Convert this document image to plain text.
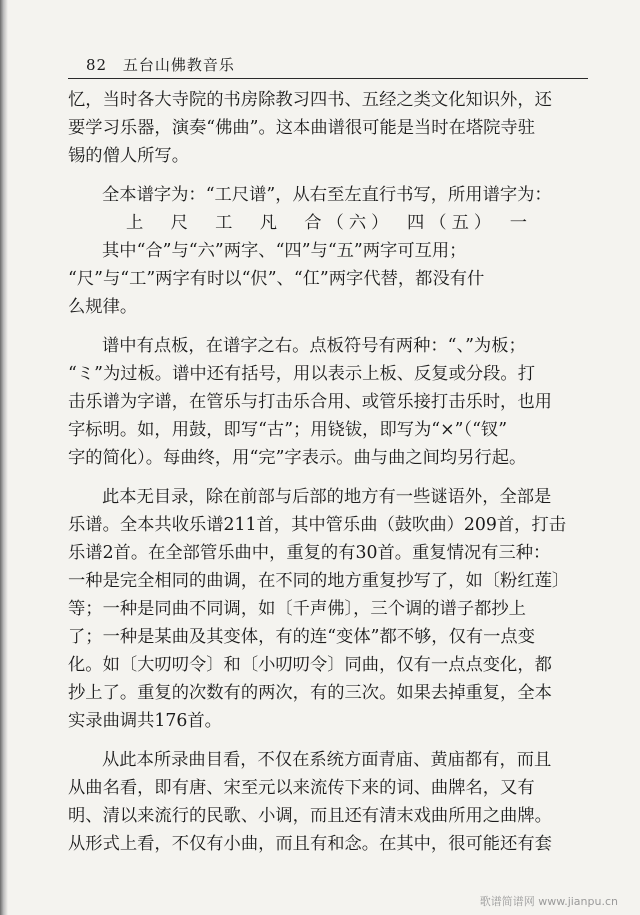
82 五台山佛教音乐
忆，当时各大寺院的书房除教习四书、五经之类文化知识外，还
要学习乐器，演奏“佛曲”。这本曲谱很可能是当时在塔院寺驻
锡的僧人所写。
全本谱字为：“工尺谱”，从右至左直行书写，所用谱字为：
上　尺　工　凡　合（六）　四（五）　一
其中“合”与“六”两字、“四”与“五”两字可互用；
“尺”与“工”两字有时以“伬”、“仜”两字代替，都没有什
么规律。
谱中有点板，在谱字之右。点板符号有两种：“、”为板；
“ミ”为过板。谱中还有括号，用以表示上板、反复或分段。打
击乐谱为字谱，在管乐与打击乐合用、或管乐接打击乐时，也用
字标明。如，用鼓，即写“古”；用铙钹，即写为“×”（“钗”
字的简化）。每曲终，用“完”字表示。曲与曲之间均另行起。
此本无目录，除在前部与后部的地方有一些谜语外，全部是
乐谱。全本共收乐谱211首，其中管乐曲（鼓吹曲）209首，打击
乐谱2首。在全部管乐曲中，重复的有30首。重复情况有三种：
一种是完全相同的曲调，在不同的地方重复抄写了，如〔粉红莲〕
等；一种是同曲不同调，如〔千声佛〕，三个调的谱子都抄上
了；一种是某曲及其变体，有的连“变体”都不够，仅有一点变
化。如〔大叨叨令〕和〔小叨叨令〕同曲，仅有一点点变化，都
抄上了。重复的次数有的两次，有的三次。如果去掉重复，全本
实录曲调共176首。
从此本所录曲目看，不仅在系统方面青庙、黄庙都有，而且
从曲名看，即有唐、宋至元以来流传下来的词、曲牌名，又有
明、清以来流行的民歌、小调，而且还有清末戏曲所用之曲牌。
从形式上看，不仅有小曲，而且有和念。在其中，很可能还有套
歌谱简谱网 www.jianpu.cn
